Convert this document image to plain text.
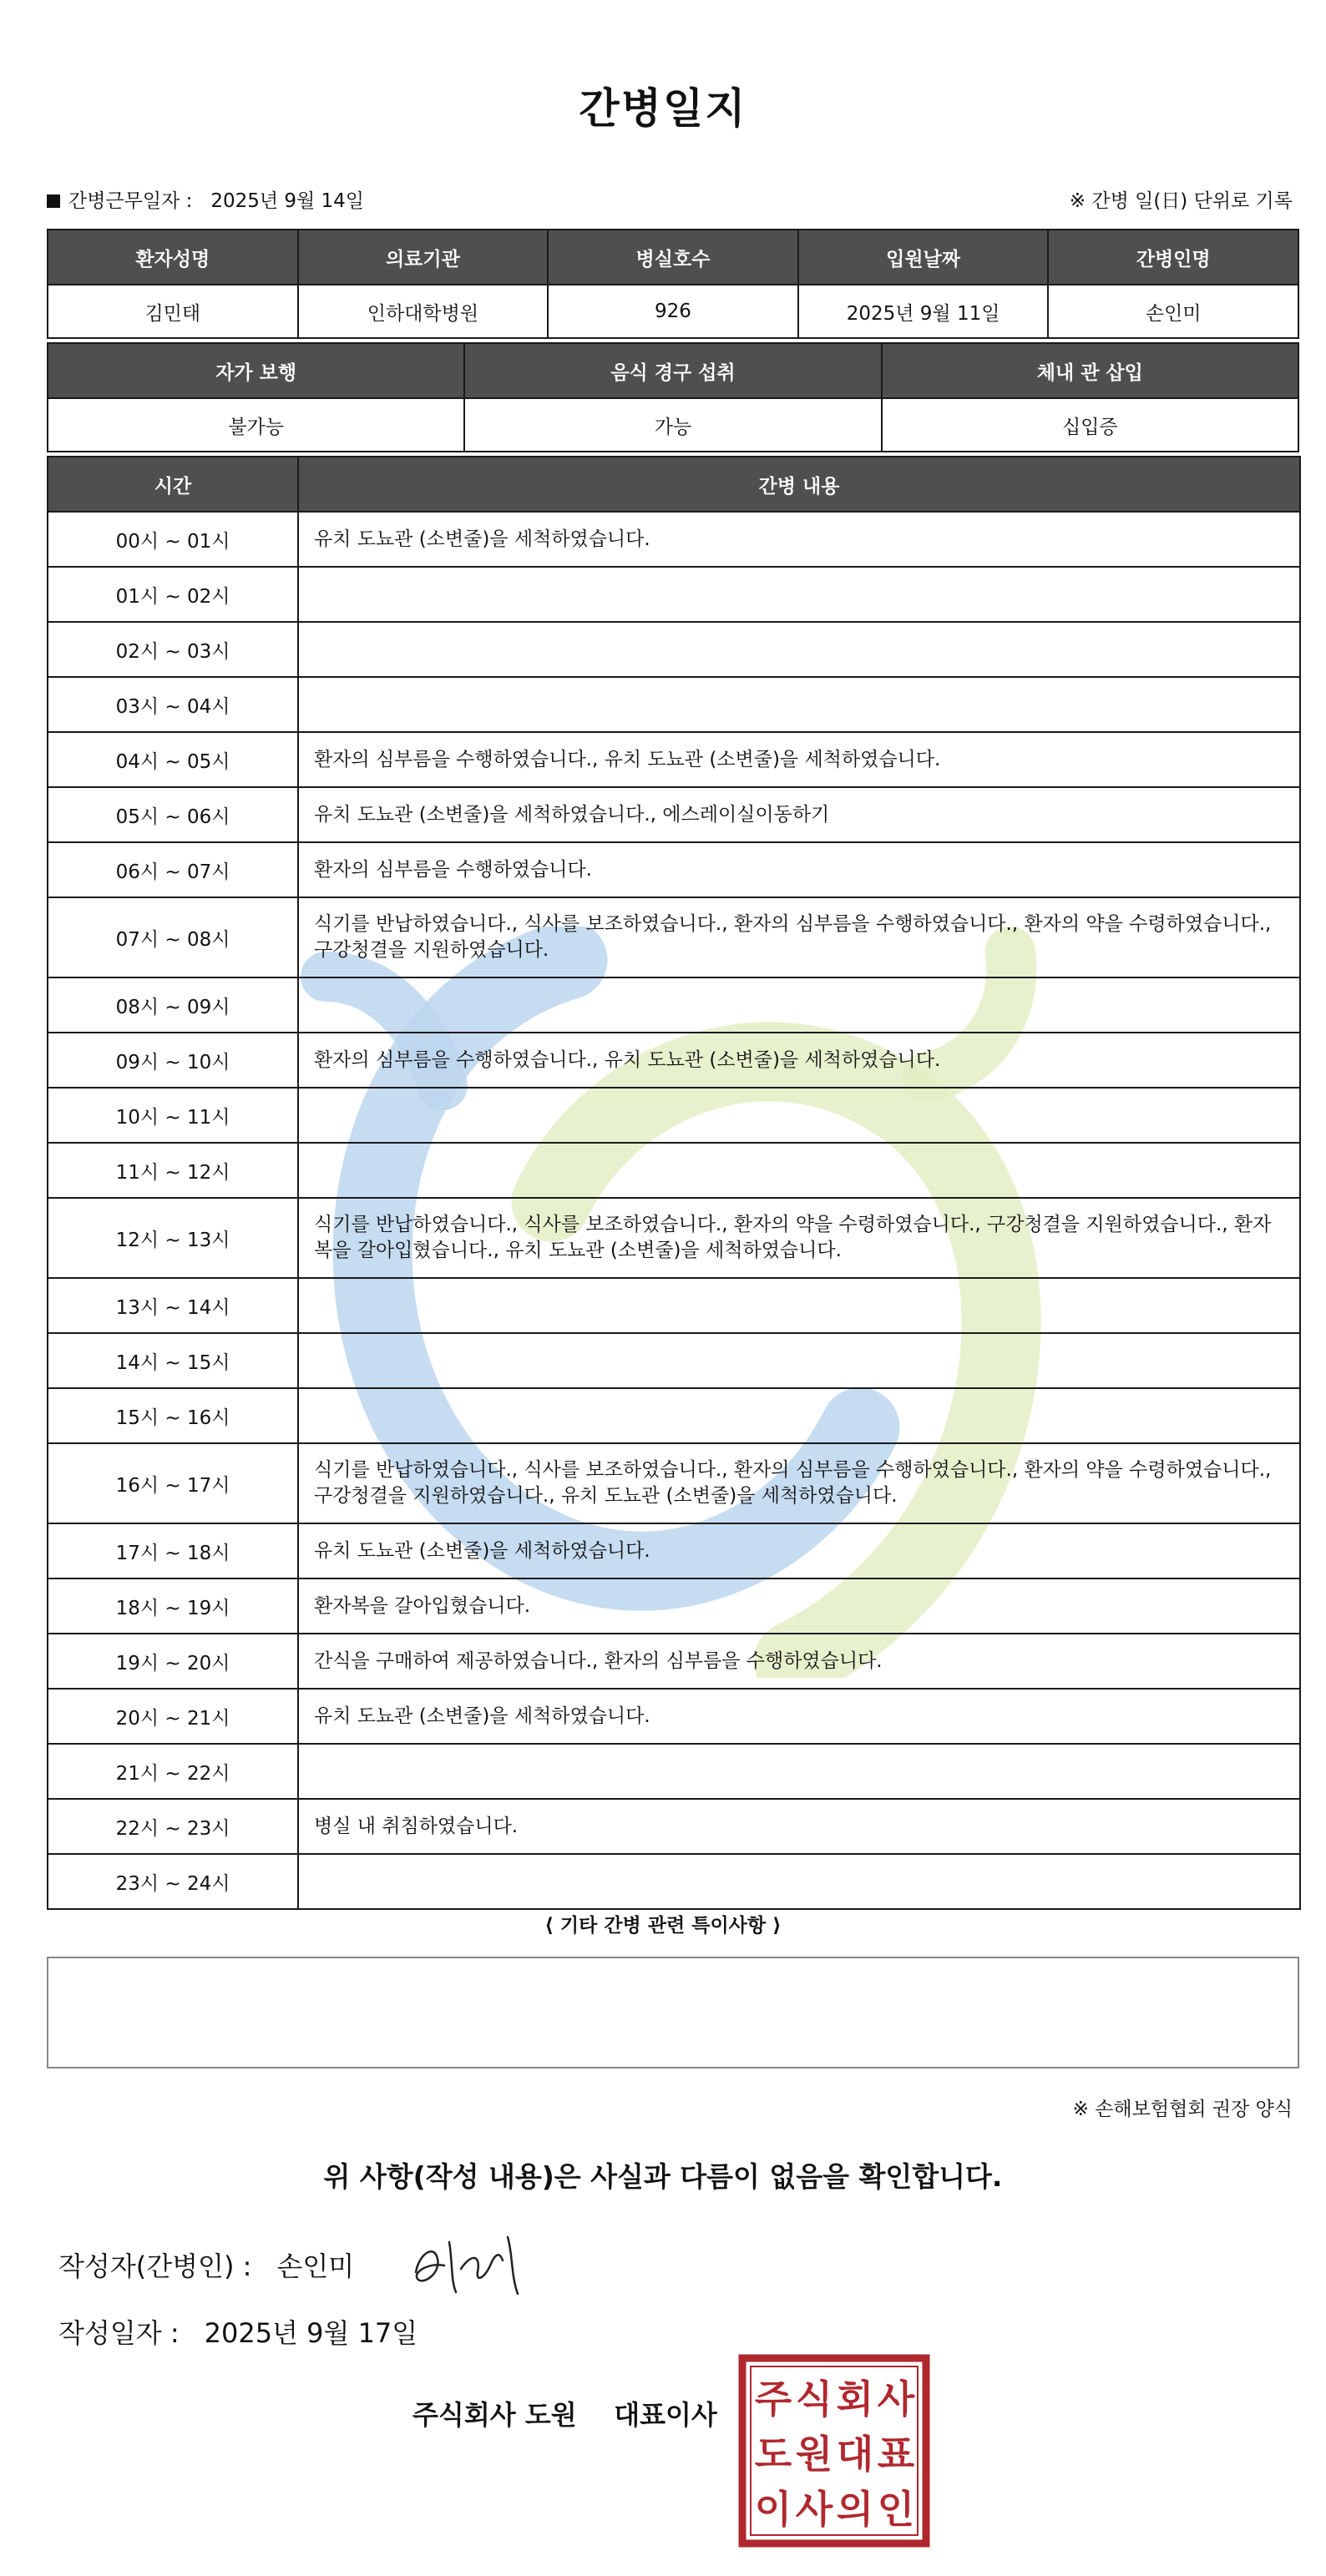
간병일지
간병근무일자 : 2025년 9월 14일	※ 간병 일(日) 단위로 기록
환자성명	의료기관	병실호수	입원날짜	간병인명
김민태	인하대학병원	926	2025년 9월 11일	손인미
자가 보행	음식 경구 섭취	체내 관 삽입
불가능	가능	십입증
시간	간병 내용
00시 ~ 01시	유치 도뇨관 (소변줄)을 세척하였습니다.
01시 ~ 02시	
02시 ~ 03시	
03시 ~ 04시	
04시 ~ 05시	환자의 심부름을 수행하였습니다., 유치 도뇨관 (소변줄)을 세척하였습니다.
05시 ~ 06시	유치 도뇨관 (소변줄)을 세척하였습니다., 에스레이실이동하기
06시 ~ 07시	환자의 심부름을 수행하였습니다.
07시 ~ 08시	식기를 반납하였습니다., 식사를 보조하였습니다., 환자의 심부름을 수행하였습니다., 환자의 약을 수령하였습니다., 구강청결을 지원하였습니다.
08시 ~ 09시	
09시 ~ 10시	환자의 심부름을 수행하였습니다., 유치 도뇨관 (소변줄)을 세척하였습니다.
10시 ~ 11시	
11시 ~ 12시	
12시 ~ 13시	식기를 반납하였습니다., 식사를 보조하였습니다., 환자의 약을 수령하였습니다., 구강청결을 지원하였습니다., 환자복을 갈아입혔습니다., 유치 도뇨관 (소변줄)을 세척하였습니다.
13시 ~ 14시	
14시 ~ 15시	
15시 ~ 16시	
16시 ~ 17시	식기를 반납하였습니다., 식사를 보조하였습니다., 환자의 심부름을 수행하였습니다., 환자의 약을 수령하였습니다., 구강청결을 지원하였습니다., 유치 도뇨관 (소변줄)을 세척하였습니다.
17시 ~ 18시	유치 도뇨관 (소변줄)을 세척하였습니다.
18시 ~ 19시	환자복을 갈아입혔습니다.
19시 ~ 20시	간식을 구매하여 제공하였습니다., 환자의 심부름을 수행하였습니다.
20시 ~ 21시	유치 도뇨관 (소변줄)을 세척하였습니다.
21시 ~ 22시	
22시 ~ 23시	병실 내 취침하였습니다.
23시 ~ 24시	
⟨ 기타 간병 관련 특이사항 ⟩
※ 손해보험협회 권장 양식
위 사항(작성 내용)은 사실과 다름이 없음을 확인합니다.
작성자(간병인) : 손인미
작성일자 : 2025년 9월 17일
주식회사 도원 대표이사 주 식 회 사
도 원 대 표
이 사 의 인
